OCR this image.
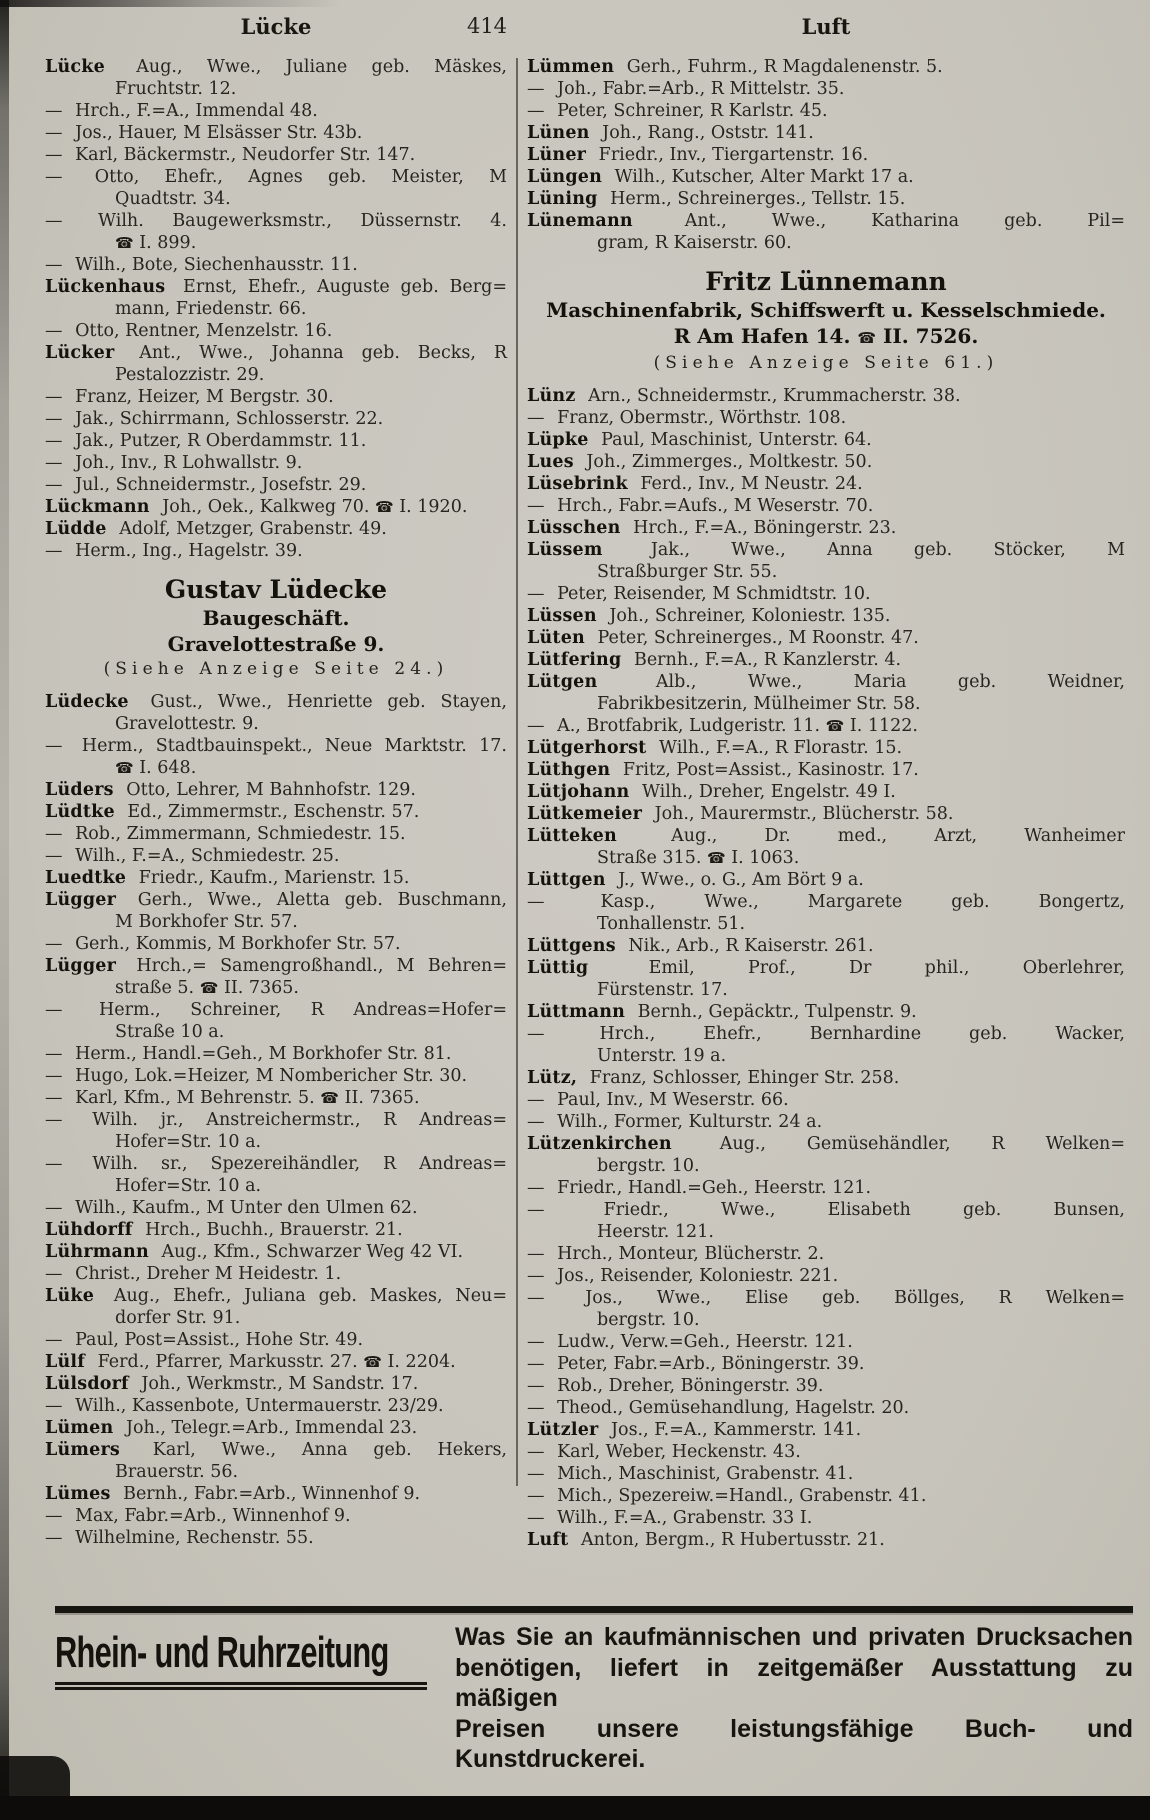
Lücke	414	Luft
Lücke Aug., Wwe., Juliane geb. Mäskes,
Fruchtstr. 12.
— Hrch., F.=A., Immendal 48.
— Jos., Hauer, M Elsässer Str. 43b.
— Karl, Bäckermstr., Neudorfer Str. 147.
— Otto, Ehefr., Agnes geb. Meister, M
Quadtstr. 34.
— Wilh. Baugewerksmstr., Düssernstr. 4.
☎ I. 899.
— Wilh., Bote, Siechenhausstr. 11.
Lückenhaus Ernst, Ehefr., Auguste geb. Berg=
mann, Friedenstr. 66.
— Otto, Rentner, Menzelstr. 16.
Lücker Ant., Wwe., Johanna geb. Becks, R
Pestalozzistr. 29.
— Franz, Heizer, M Bergstr. 30.
— Jak., Schirrmann, Schlosserstr. 22.
— Jak., Putzer, R Oberdammstr. 11.
— Joh., Inv., R Lohwallstr. 9.
— Jul., Schneidermstr., Josefstr. 29.
Lückmann Joh., Oek., Kalkweg 70. ☎ I. 1920.
Lüdde Adolf, Metzger, Grabenstr. 49.
— Herm., Ing., Hagelstr. 39.
Gustav Lüdecke
Baugeschäft.
Gravelottestraße 9.
(Siehe Anzeige Seite 24.)
Lüdecke Gust., Wwe., Henriette geb. Stayen,
Gravelottestr. 9.
— Herm., Stadtbauinspekt., Neue Marktstr. 17.
☎ I. 648.
Lüders Otto, Lehrer, M Bahnhofstr. 129.
Lüdtke Ed., Zimmermstr., Eschenstr. 57.
— Rob., Zimmermann, Schmiedestr. 15.
— Wilh., F.=A., Schmiedestr. 25.
Luedtke Friedr., Kaufm., Marienstr. 15.
Lügger Gerh., Wwe., Aletta geb. Buschmann,
M Borkhofer Str. 57.
— Gerh., Kommis, M Borkhofer Str. 57.
Lügger Hrch.,= Samengroßhandl., M Behren=
straße 5. ☎ II. 7365.
— Herm., Schreiner, R Andreas=Hofer=
Straße 10 a.
— Herm., Handl.=Geh., M Borkhofer Str. 81.
— Hugo, Lok.=Heizer, M Nombericher Str. 30.
— Karl, Kfm., M Behrenstr. 5. ☎ II. 7365.
— Wilh. jr., Anstreichermstr., R Andreas=
Hofer=Str. 10 a.
— Wilh. sr., Spezereihändler, R Andreas=
Hofer=Str. 10 a.
— Wilh., Kaufm., M Unter den Ulmen 62.
Lühdorff Hrch., Buchh., Brauerstr. 21.
Lührmann Aug., Kfm., Schwarzer Weg 42 VI.
— Christ., Dreher M Heidestr. 1.
Lüke Aug., Ehefr., Juliana geb. Maskes, Neu=
dorfer Str. 91.
— Paul, Post=Assist., Hohe Str. 49.
Lülf Ferd., Pfarrer, Markusstr. 27. ☎ I. 2204.
Lülsdorf Joh., Werkmstr., M Sandstr. 17.
— Wilh., Kassenbote, Untermauerstr. 23/29.
Lümen Joh., Telegr.=Arb., Immendal 23.
Lümers Karl, Wwe., Anna geb. Hekers,
Brauerstr. 56.
Lümes Bernh., Fabr.=Arb., Winnenhof 9.
— Max, Fabr.=Arb., Winnenhof 9.
— Wilhelmine, Rechenstr. 55.
Lümmen Gerh., Fuhrm., R Magdalenenstr. 5.
— Joh., Fabr.=Arb., R Mittelstr. 35.
— Peter, Schreiner, R Karlstr. 45.
Lünen Joh., Rang., Oststr. 141.
Lüner Friedr., Inv., Tiergartenstr. 16.
Lüngen Wilh., Kutscher, Alter Markt 17 a.
Lüning Herm., Schreinerges., Tellstr. 15.
Lünemann Ant., Wwe., Katharina geb. Pil=
gram, R Kaiserstr. 60.
Fritz Lünnemann
Maschinenfabrik, Schiffswerft u. Kesselschmiede.
R Am Hafen 14. ☎ II. 7526.
(Siehe Anzeige Seite 61.)
Lünz Arn., Schneidermstr., Krummacherstr. 38.
— Franz, Obermstr., Wörthstr. 108.
Lüpke Paul, Maschinist, Unterstr. 64.
Lues Joh., Zimmerges., Moltkestr. 50.
Lüsebrink Ferd., Inv., M Neustr. 24.
— Hrch., Fabr.=Aufs., M Weserstr. 70.
Lüsschen Hrch., F.=A., Böningerstr. 23.
Lüssem Jak., Wwe., Anna geb. Stöcker, M
Straßburger Str. 55.
— Peter, Reisender, M Schmidtstr. 10.
Lüssen Joh., Schreiner, Koloniestr. 135.
Lüten Peter, Schreinerges., M Roonstr. 47.
Lütfering Bernh., F.=A., R Kanzlerstr. 4.
Lütgen Alb., Wwe., Maria geb. Weidner,
Fabrikbesitzerin, Mülheimer Str. 58.
— A., Brotfabrik, Ludgeristr. 11. ☎ I. 1122.
Lütgerhorst Wilh., F.=A., R Florastr. 15.
Lüthgen Fritz, Post=Assist., Kasinostr. 17.
Lütjohann Wilh., Dreher, Engelstr. 49 I.
Lütkemeier Joh., Maurermstr., Blücherstr. 58.
Lütteken Aug., Dr. med., Arzt, Wanheimer
Straße 315. ☎ I. 1063.
Lüttgen J., Wwe., o. G., Am Bört 9 a.
— Kasp., Wwe., Margarete geb. Bongertz,
Tonhallenstr. 51.
Lüttgens Nik., Arb., R Kaiserstr. 261.
Lüttig Emil, Prof., Dr phil., Oberlehrer,
Fürstenstr. 17.
Lüttmann Bernh., Gepäcktr., Tulpenstr. 9.
— Hrch., Ehefr., Bernhardine geb. Wacker,
Unterstr. 19 a.
Lütz, Franz, Schlosser, Ehinger Str. 258.
— Paul, Inv., M Weserstr. 66.
— Wilh., Former, Kulturstr. 24 a.
Lützenkirchen Aug., Gemüsehändler, R Welken=
bergstr. 10.
— Friedr., Handl.=Geh., Heerstr. 121.
— Friedr., Wwe., Elisabeth geb. Bunsen,
Heerstr. 121.
— Hrch., Monteur, Blücherstr. 2.
— Jos., Reisender, Koloniestr. 221.
— Jos., Wwe., Elise geb. Böllges, R Welken=
bergstr. 10.
— Ludw., Verw.=Geh., Heerstr. 121.
— Peter, Fabr.=Arb., Böningerstr. 39.
— Rob., Dreher, Böningerstr. 39.
— Theod., Gemüsehandlung, Hagelstr. 20.
Lützler Jos., F.=A., Kammerstr. 141.
— Karl, Weber, Heckenstr. 43.
— Mich., Maschinist, Grabenstr. 41.
— Mich., Spezereiw.=Handl., Grabenstr. 41.
— Wilh., F.=A., Grabenstr. 33 I.
Luft Anton, Bergm., R Hubertusstr. 21.
Rhein- und Ruhrzeitung	Was Sie an kaufmännischen und privaten Drucksachen
benötigen, liefert in zeitgemäßer Ausstattung zu mäßigen
Preisen unsere leistungsfähige Buch- und Kunstdruckerei.
